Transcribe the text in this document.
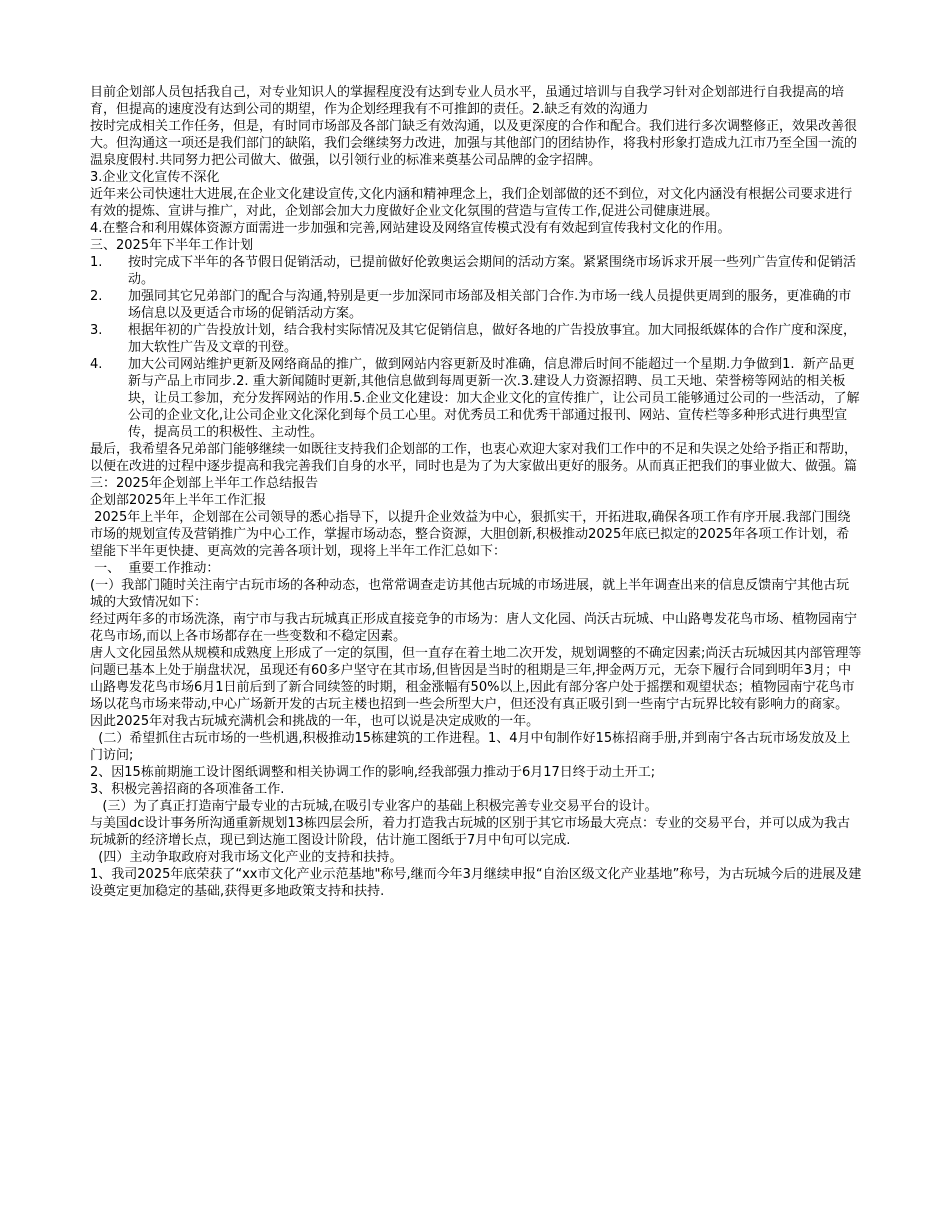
目前企划部人员包括我自己，对专业知识人的掌握程度没有达到专业人员水平，虽通过培训与自我学习针对企划部进行自我提高的培育，但提高的速度没有达到公司的期望，作为企划经理我有不可推卸的责任。2.缺乏有效的沟通力

按时完成相关工作任务，但是，有时同市场部及各部门缺乏有效沟通，以及更深度的合作和配合。我们进行多次调整修正，效果改善很大。但沟通这一项还是我们部门的缺陷，我们会继续努力改进，加强与其他部门的团结协作，将我村形象打造成九江市乃至全国一流的温泉度假村.共同努力把公司做大、做强，以引领行业的标准来奠基公司品牌的金字招牌。

3.企业文化宣传不深化

近年来公司快速壮大进展,在企业文化建设宣传,文化内涵和精神理念上，我们企划部做的还不到位，对文化内涵没有根据公司要求进行有效的提炼、宣讲与推广，对此，企划部会加大力度做好企业文化氛围的营造与宣传工作,促进公司健康进展。

4.在整合和利用媒体资源方面需进一步加强和完善,网站建设及网络宣传模式没有有效起到宣传我村文化的作用。

三、2025年下半年工作计划

1.	按时完成下半年的各节假日促销活动，已提前做好伦敦奥运会期间的活动方案。紧紧围绕市场诉求开展一些列广告宣传和促销活动。

2.	加强同其它兄弟部门的配合与沟通,特别是更一步加深同市场部及相关部门合作.为市场一线人员提供更周到的服务，更准确的市场信息以及更适合市场的促销活动方案。

3.	根据年初的广告投放计划，结合我村实际情况及其它促销信息，做好各地的广告投放事宜。加大同报纸媒体的合作广度和深度，加大软性广告及文章的刊登。

4.	加大公司网站维护更新及网络商品的推广，做到网站内容更新及时准确，信息滞后时间不能超过一个星期.力争做到1.  新产品更新与产品上市同步.2. 重大新闻随时更新,其他信息做到每周更新一次.3.建设人力资源招聘、员工天地、荣誉榜等网站的相关板块，让员工参加，充分发挥网站的作用.5.企业文化建设：加大企业文化的宣传推广，让公司员工能够通过公司的一些活动，了解公司的企业文化,让公司企业文化深化到每个员工心里。对优秀员工和优秀干部通过报刊、网站、宣传栏等多种形式进行典型宣传，提高员工的积极性、主动性。

最后，我希望各兄弟部门能够继续一如既往支持我们企划部的工作，也衷心欢迎大家对我们工作中的不足和失误之处给予指正和帮助，以便在改进的过程中逐步提高和我完善我们自身的水平，同时也是为了为大家做出更好的服务。从而真正把我们的事业做大、做强。篇三：2025年企划部上半年工作总结报告

企划部2025年上半年工作汇报

2025年上半年，企划部在公司领导的悉心指导下，以提升企业效益为中心，狠抓实干，开拓进取,确保各项工作有序开展.我部门围绕市场的规划宣传及营销推广为中心工作，掌握市场动态，整合资源，大胆创新,积极推动2025年底已拟定的2025年各项工作计划，希望能下半年更快捷、更高效的完善各项计划，现将上半年工作汇总如下：

一、  重要工作推动：

(一）我部门随时关注南宁古玩市场的各种动态，也常常调查走访其他古玩城的市场进展，就上半年调查出来的信息反馈南宁其他古玩城的大致情况如下：

经过两年多的市场洗涤，南宁市与我古玩城真正形成直接竞争的市场为：唐人文化园、尚沃古玩城、中山路粤发花鸟市场、植物园南宁花鸟市场,而以上各市场都存在一些变数和不稳定因素。

唐人文化园虽然从规模和成熟度上形成了一定的氛围，但一直存在着土地二次开发，规划调整的不确定因素;尚沃古玩城因其内部管理等问题已基本上处于崩盘状况，虽现还有60多户坚守在其市场,但皆因是当时的租期是三年,押金两万元，无奈下履行合同到明年3月；中山路粤发花鸟市场6月1日前后到了新合同续签的时期，租金涨幅有50%以上,因此有部分客户处于摇摆和观望状态；植物园南宁花鸟市场以花鸟市场来带动,中心广场新开发的古玩主楼也招到一些会所型大户，但还没有真正吸引到一些南宁古玩界比较有影响力的商家。

因此2025年对我古玩城充满机会和挑战的一年，也可以说是决定成败的一年。

(二）希望抓住古玩市场的一些机遇,积极推动15栋建筑的工作进程。1、4月中旬制作好15栋招商手册,并到南宁各古玩市场发放及上门访问;

2、因15栋前期施工设计图纸调整和相关协调工作的影响,经我部强力推动于6月17日终于动土开工;

3、积极完善招商的各项准备工作.

(三）为了真正打造南宁最专业的古玩城,在吸引专业客户的基础上积极完善专业交易平台的设计。

与美国dc设计事务所沟通重新规划13栋四层会所，着力打造我古玩城的区别于其它市场最大亮点：专业的交易平台，并可以成为我古玩城新的经济增长点，现已到达施工图设计阶段，估计施工图纸于7月中旬可以完成.

(四）主动争取政府对我市场文化产业的支持和扶持。

1、我司2025年底荣获了“xx市文化产业示范基地"称号,继而今年3月继续申报“自治区级文化产业基地”称号，为古玩城今后的进展及建设奠定更加稳定的基础,获得更多地政策支持和扶持.
